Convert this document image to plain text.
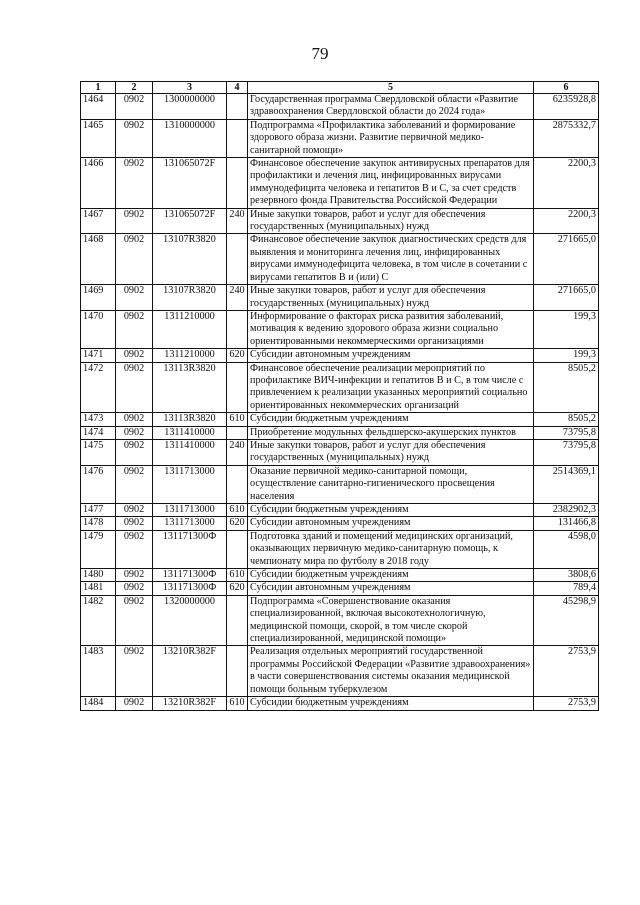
79
1	2	3	4	5	6
1464	0902	1300000000		Государственная программа Свердловской области «Развитие здравоохранения Свердловской области до 2024 года»	6235928,8
1465	0902	1310000000		Подпрограмма «Профилактика заболеваний и формирование здорового образа жизни. Развитие первичной медико-санитарной помощи»	2875332,7
1466	0902	131065072F		Финансовое обеспечение закупок антивирусных препаратов для профилактики и лечения лиц, инфицированных вирусами иммунодефицита человека и гепатитов В и С, за счет средств резервного фонда Правительства Российской Федерации	2200,3
1467	0902	131065072F	240	Иные закупки товаров, работ и услуг для обеспечения государственных (муниципальных) нужд	2200,3
1468	0902	13107R3820		Финансовое обеспечение закупок диагностических средств для выявления и мониторинга лечения лиц, инфицированных вирусами иммунодефицита человека, в том числе в сочетании с вирусами гепатитов В и (или) С	271665,0
1469	0902	13107R3820	240	Иные закупки товаров, работ и услуг для обеспечения государственных (муниципальных) нужд	271665,0
1470	0902	1311210000		Информирование о факторах риска развития заболеваний, мотивация к ведению здорового образа жизни социально ориентированными некоммерческими организациями	199,3
1471	0902	1311210000	620	Субсидии автономным учреждениям	199,3
1472	0902	13113R3820		Финансовое обеспечение реализации мероприятий по профилактике ВИЧ-инфекции и гепатитов В и С, в том числе с привлечением к реализации указанных мероприятий социально ориентированных некоммерческих организаций	8505,2
1473	0902	13113R3820	610	Субсидии бюджетным учреждениям	8505,2
1474	0902	1311410000		Приобретение модульных фельдшерско-акушерских пунктов	73795,8
1475	0902	1311410000	240	Иные закупки товаров, работ и услуг для обеспечения государственных (муниципальных) нужд	73795,8
1476	0902	1311713000		Оказание первичной медико-санитарной помощи, осуществление санитарно-гигиенического просвещения населения	2514369,1
1477	0902	1311713000	610	Субсидии бюджетным учреждениям	2382902,3
1478	0902	1311713000	620	Субсидии автономным учреждениям	131466,8
1479	0902	131171300Ф		Подготовка зданий и помещений медицинских организаций, оказывающих первичную медико-санитарную помощь, к чемпионату мира по футболу в 2018 году	4598,0
1480	0902	131171300Ф	610	Субсидии бюджетным учреждениям	3808,6
1481	0902	131171300Ф	620	Субсидии автономным учреждениям	789,4
1482	0902	1320000000		Подпрограмма «Совершенствование оказания специализированной, включая высокотехнологичную, медицинской помощи, скорой, в том числе скорой специализированной, медицинской помощи»	45298,9
1483	0902	13210R382F		Реализация отдельных мероприятий государственной программы Российской Федерации «Развитие здравоохранения» в части совершенствования системы оказания медицинской помощи больным туберкулезом	2753,9
1484	0902	13210R382F	610	Субсидии бюджетным учреждениям	2753,9
